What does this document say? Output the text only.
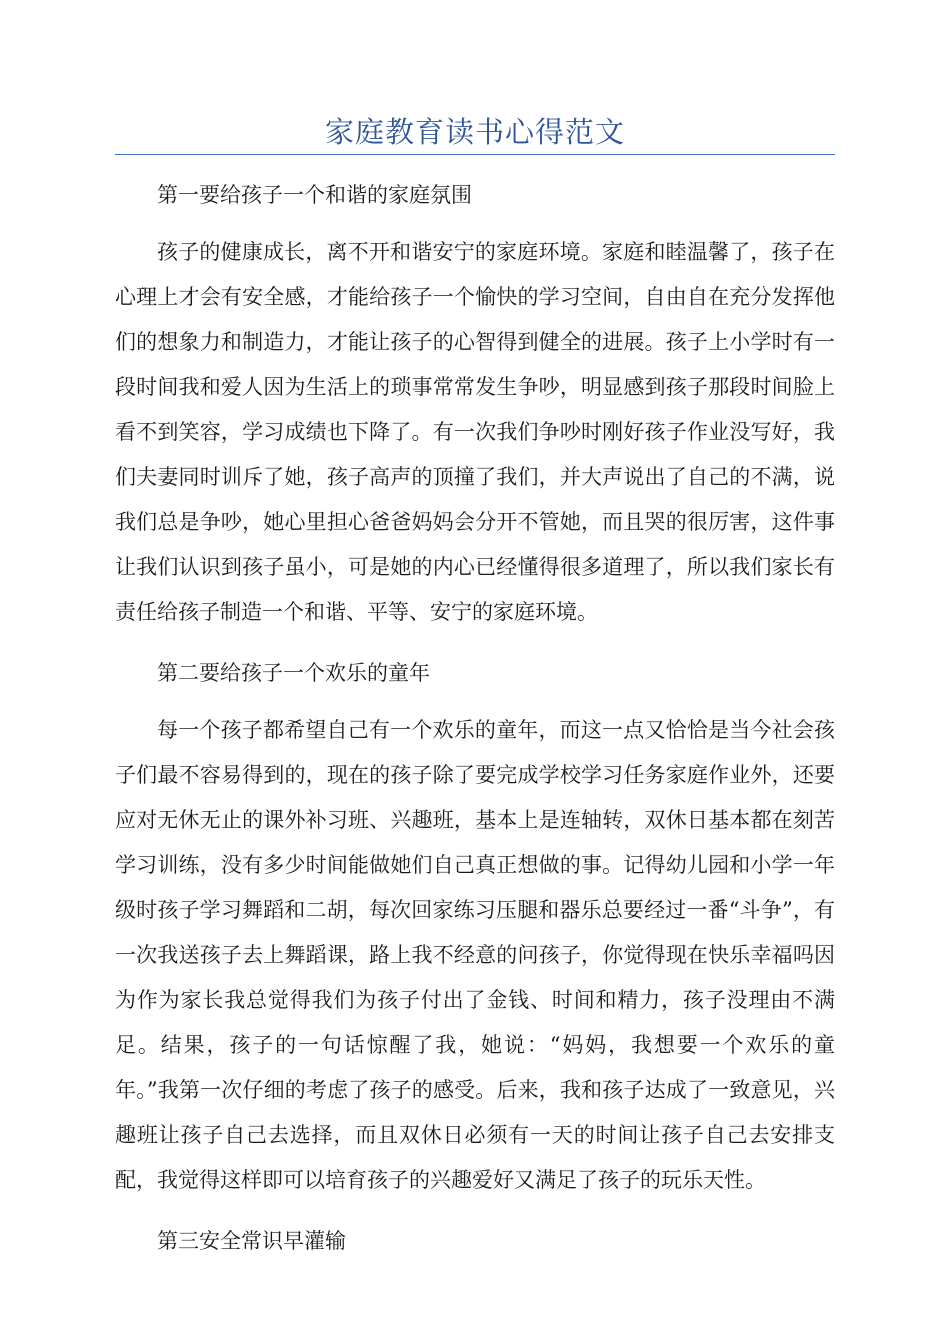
家庭教育读书心得范文

第一要给孩子一个和谐的家庭氛围

孩子的健康成长，离不开和谐安宁的家庭环境。家庭和睦温馨了，孩子在心理上才会有安全感，才能给孩子一个愉快的学习空间，自由自在充分发挥他们的想象力和制造力，才能让孩子的心智得到健全的进展。孩子上小学时有一段时间我和爱人因为生活上的琐事常常发生争吵，明显感到孩子那段时间脸上看不到笑容，学习成绩也下降了。有一次我们争吵时刚好孩子作业没写好，我们夫妻同时训斥了她，孩子高声的顶撞了我们，并大声说出了自己的不满，说我们总是争吵，她心里担心爸爸妈妈会分开不管她，而且哭的很厉害，这件事让我们认识到孩子虽小，可是她的内心已经懂得很多道理了，所以我们家长有责任给孩子制造一个和谐、平等、安宁的家庭环境。

第二要给孩子一个欢乐的童年

每一个孩子都希望自己有一个欢乐的童年，而这一点又恰恰是当今社会孩子们最不容易得到的，现在的孩子除了要完成学校学习任务家庭作业外，还要应对无休无止的课外补习班、兴趣班，基本上是连轴转，双休日基本都在刻苦学习训练，没有多少时间能做她们自己真正想做的事。记得幼儿园和小学一年级时孩子学习舞蹈和二胡，每次回家练习压腿和器乐总要经过一番“斗争”，有一次我送孩子去上舞蹈课，路上我不经意的问孩子，你觉得现在快乐幸福吗因为作为家长我总觉得我们为孩子付出了金钱、时间和精力，孩子没理由不满足。结果，孩子的一句话惊醒了我，她说：“妈妈，我想要一个欢乐的童年。”我第一次仔细的考虑了孩子的感受。后来，我和孩子达成了一致意见，兴趣班让孩子自己去选择，而且双休日必须有一天的时间让孩子自己去安排支配，我觉得这样即可以培育孩子的兴趣爱好又满足了孩子的玩乐天性。

第三安全常识早灌输
